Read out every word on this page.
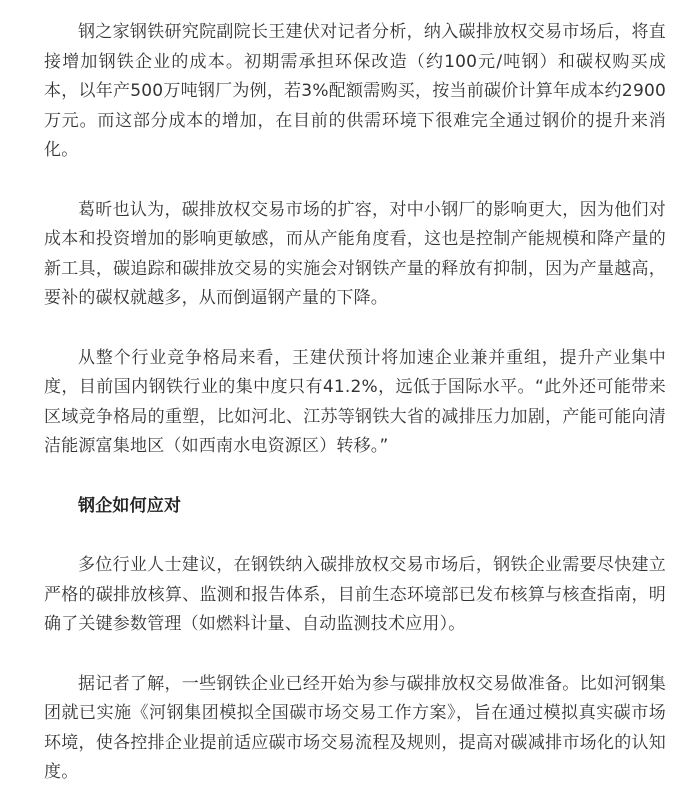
钢之家钢铁研究院副院长王建伏对记者分析，纳入碳排放权交易市场后，将直接增加钢铁企业的成本。初期需承担环保改造（约100元/吨钢）和碳权购买成本，以年产500万吨钢厂为例，若3%配额需购买，按当前碳价计算年成本约2900万元。而这部分成本的增加，在目前的供需环境下很难完全通过钢价的提升来消化。

葛昕也认为，碳排放权交易市场的扩容，对中小钢厂的影响更大，因为他们对成本和投资增加的影响更敏感，而从产能角度看，这也是控制产能规模和降产量的新工具，碳追踪和碳排放交易的实施会对钢铁产量的释放有抑制，因为产量越高，要补的碳权就越多，从而倒逼钢产量的下降。

从整个行业竞争格局来看，王建伏预计将加速企业兼并重组，提升产业集中度，目前国内钢铁行业的集中度只有41.2%，远低于国际水平。“此外还可能带来区域竞争格局的重塑，比如河北、江苏等钢铁大省的减排压力加剧，产能可能向清洁能源富集地区（如西南水电资源区）转移。”

钢企如何应对

多位行业人士建议，在钢铁纳入碳排放权交易市场后，钢铁企业需要尽快建立严格的碳排放核算、监测和报告体系，目前生态环境部已发布核算与核查指南，明确了关键参数管理（如燃料计量、自动监测技术应用）。

据记者了解，一些钢铁企业已经开始为参与碳排放权交易做准备。比如河钢集团就已实施《河钢集团模拟全国碳市场交易工作方案》，旨在通过模拟真实碳市场环境，使各控排企业提前适应碳市场交易流程及规则，提高对碳减排市场化的认知度。
